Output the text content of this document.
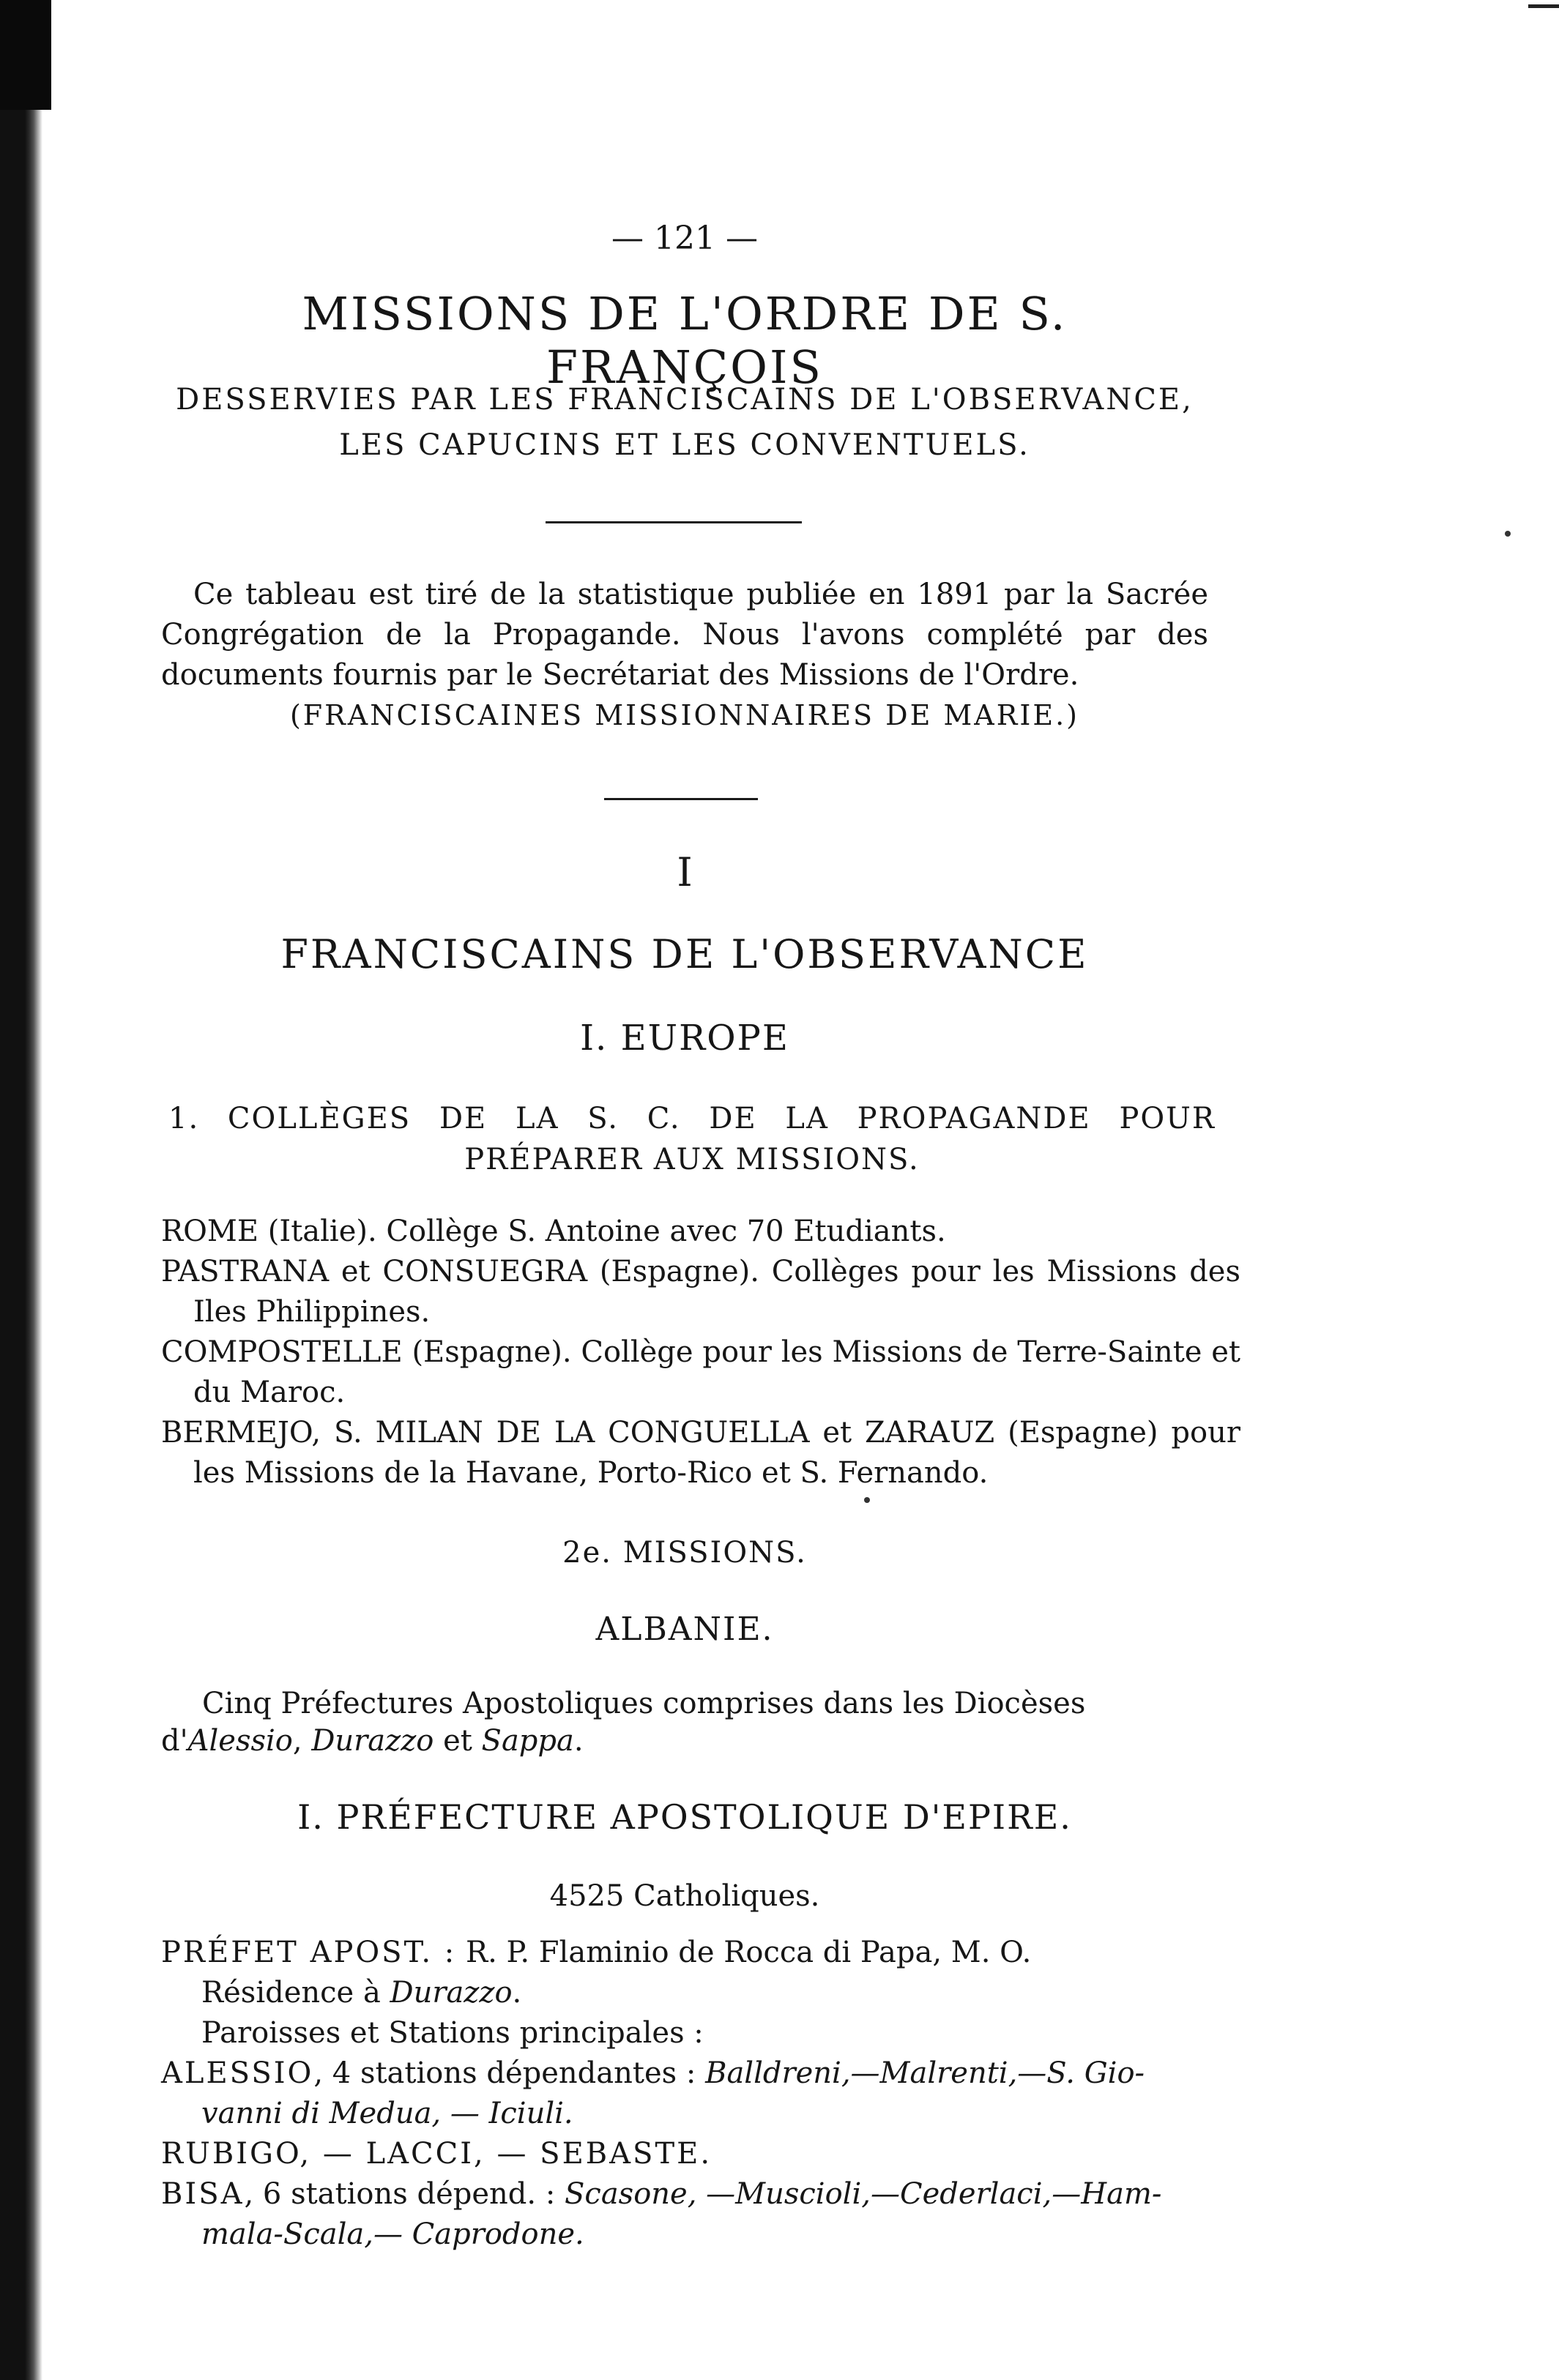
— 121 —
MISSIONS DE L'ORDRE DE S. FRANÇOIS
DESSERVIES PAR LES FRANCISCAINS DE L'OBSERVANCE,
LES CAPUCINS ET LES CONVENTUELS.
Ce tableau est tiré de la statistique publiée en 1891 par la Sacrée Congrégation de la Propagande. Nous l'avons complété par des documents fournis par le Secrétariat des Missions de l'Ordre.
(FRANCISCAINES MISSIONNAIRES DE MARIE.)
I
FRANCISCAINS DE L'OBSERVANCE
I. EUROPE
1. COLLÈGES DE LA S. C. DE LA PROPAGANDE POUR PRÉPARER AUX MISSIONS.
ROME (Italie). Collège S. Antoine avec 70 Etudiants.
PASTRANA et CONSUEGRA (Espagne). Collèges pour les Missions des Iles Philippines.
COMPOSTELLE (Espagne). Collège pour les Missions de Terre-Sainte et du Maroc.
BERMEJO, S. MILAN DE LA CONGUELLA et ZARAUZ (Espagne) pour les Missions de la Havane, Porto-Rico et S. Fernando.
2e. MISSIONS.
ALBANIE.
Cinq Préfectures Apostoliques comprises dans les Diocèses
d'Alessio, Durazzo et Sappa.
I. PRÉFECTURE APOSTOLIQUE D'EPIRE.
4525 Catholiques.
PRÉFET APOST. : R. P. Flaminio de Rocca di Papa, M. O.
Résidence à Durazzo.
Paroisses et Stations principales :
ALESSIO, 4 stations dépendantes : Balldreni,—Malrenti,—S. Gio-
vanni di Medua, — Iciuli.
RUBIGO, — LACCI, — SEBASTE.
BISA, 6 stations dépend. : Scasone, —Muscioli,—Cederlaci,—Ham-
mala-Scala,— Caprodone.
